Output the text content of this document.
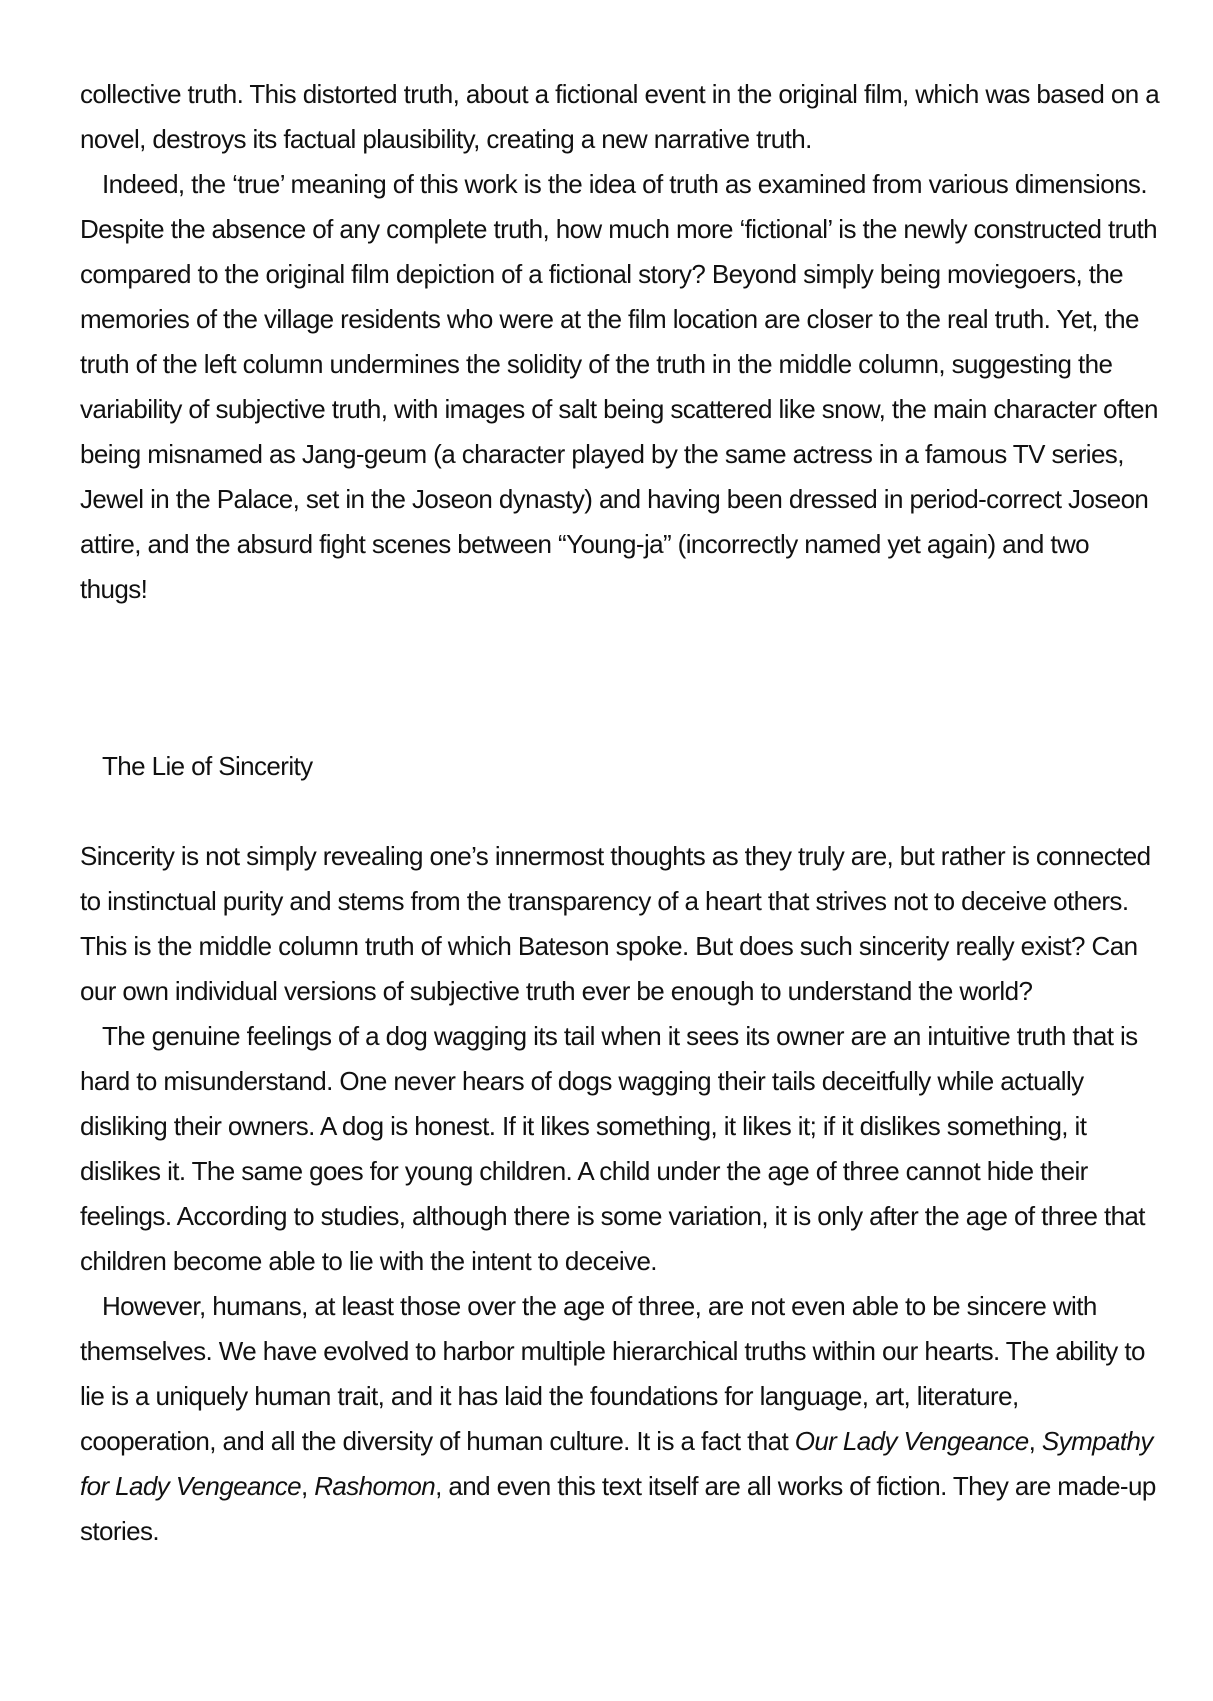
collective truth. This distorted truth, about a fictional event in the original film, which was based on a novel, destroys its factual plausibility, creating a new narrative truth.

Indeed, the ‘true’ meaning of this work is the idea of truth as examined from various dimensions. Despite the absence of any complete truth, how much more ‘fictional’ is the newly constructed truth compared to the original film depiction of a fictional story? Beyond simply being moviegoers, the memories of the village residents who were at the film location are closer to the real truth. Yet, the truth of the left column undermines the solidity of the truth in the middle column, suggesting the variability of subjective truth, with images of salt being scattered like snow, the main character often being misnamed as Jang-geum (a character played by the same actress in a famous TV series, Jewel in the Palace, set in the Joseon dynasty) and having been dressed in period-correct Joseon attire, and the absurd fight scenes between “Young-ja” (incorrectly named yet again) and two thugs!

The Lie of Sincerity

Sincerity is not simply revealing one’s innermost thoughts as they truly are, but rather is connected to instinctual purity and stems from the transparency of a heart that strives not to deceive others. This is the middle column truth of which Bateson spoke. But does such sincerity really exist? Can our own individual versions of subjective truth ever be enough to understand the world?

The genuine feelings of a dog wagging its tail when it sees its owner are an intuitive truth that is hard to misunderstand. One never hears of dogs wagging their tails deceitfully while actually disliking their owners. A dog is honest. If it likes something, it likes it; if it dislikes something, it dislikes it. The same goes for young children. A child under the age of three cannot hide their feelings. According to studies, although there is some variation, it is only after the age of three that children become able to lie with the intent to deceive.

However, humans, at least those over the age of three, are not even able to be sincere with themselves. We have evolved to harbor multiple hierarchical truths within our hearts. The ability to lie is a uniquely human trait, and it has laid the foundations for language, art, literature, cooperation, and all the diversity of human culture. It is a fact that Our Lady Vengeance, Sympathy for Lady Vengeance, Rashomon, and even this text itself are all works of fiction. They are made-up stories.
